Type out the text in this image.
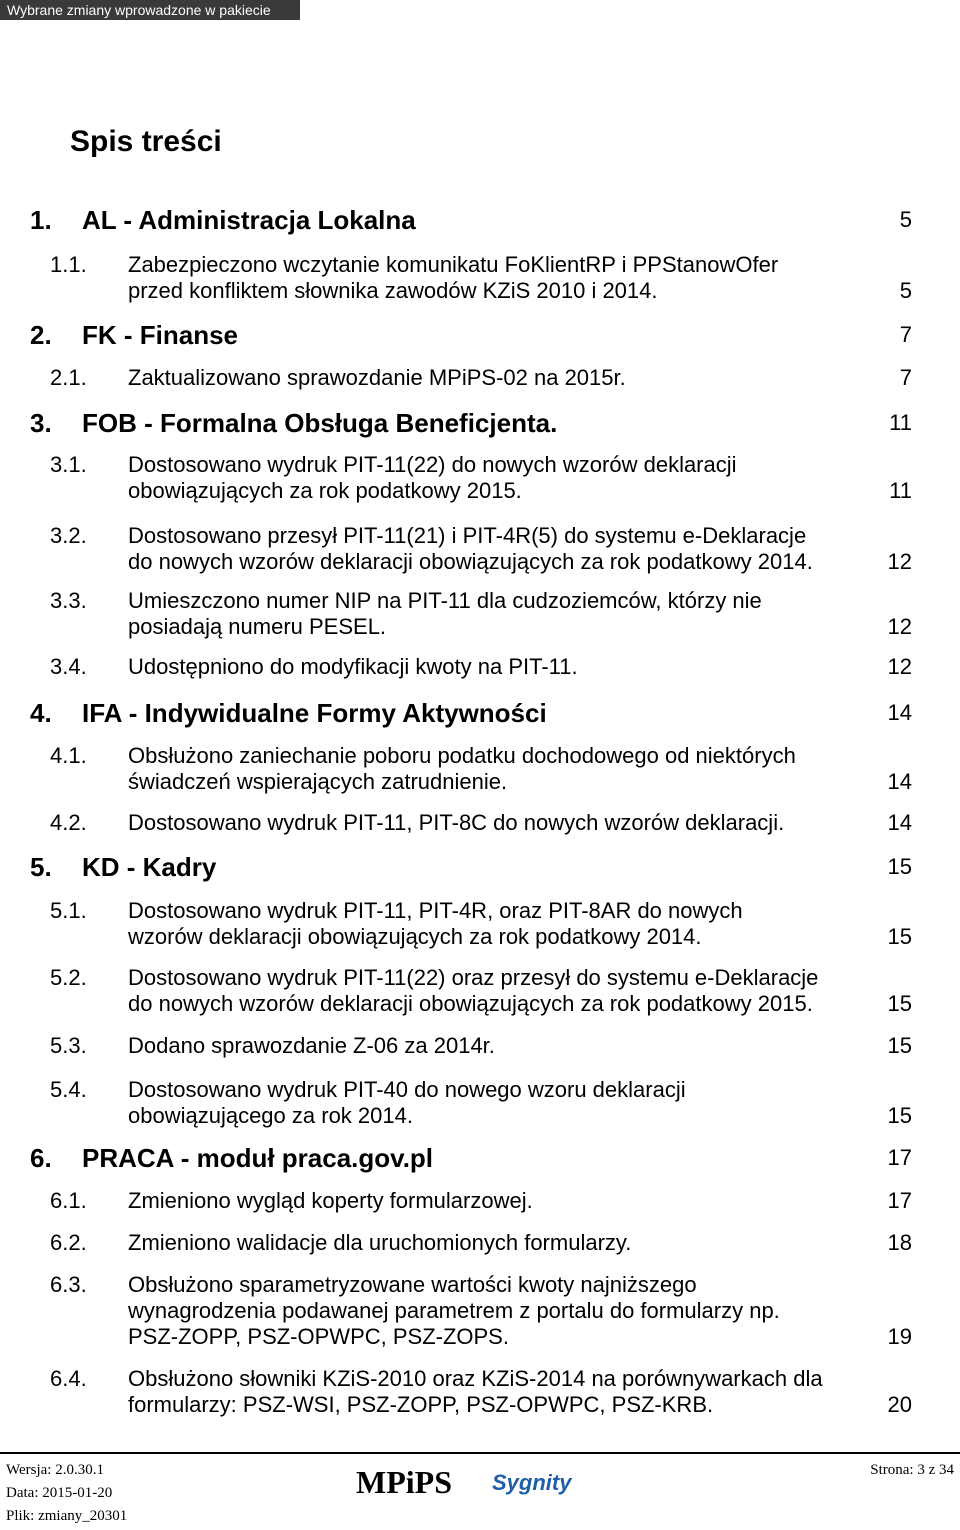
Wybrane zmiany wprowadzone w pakiecie
Spis treści
1. AL - Administracja Lokalna	5
1.1. Zabezpieczono wczytanie komunikatu FoKlientRP i PPStanowOfer
przed konfliktem słownika zawodów KZiS 2010 i 2014.	5
2. FK - Finanse	7
2.1. Zaktualizowano sprawozdanie MPiPS-02 na 2015r.	7
3. FOB - Formalna Obsługa Beneficjenta.	11
3.1. Dostosowano wydruk PIT-11(22) do nowych wzorów deklaracji
obowiązujących za rok podatkowy 2015.	11
3.2. Dostosowano przesył PIT-11(21) i PIT-4R(5) do systemu e-Deklaracje
do nowych wzorów deklaracji obowiązujących za rok podatkowy 2014.	12
3.3. Umieszczono numer NIP na PIT-11 dla cudzoziemców, którzy nie
posiadają numeru PESEL.	12
3.4. Udostępniono do modyfikacji kwoty na PIT-11.	12
4. IFA - Indywidualne Formy Aktywności	14
4.1. Obsłużono zaniechanie poboru podatku dochodowego od niektórych
świadczeń wspierających zatrudnienie.	14
4.2. Dostosowano wydruk PIT-11, PIT-8C do nowych wzorów deklaracji.	14
5. KD - Kadry	15
5.1. Dostosowano wydruk PIT-11, PIT-4R, oraz PIT-8AR do nowych
wzorów deklaracji obowiązujących za rok podatkowy 2014.	15
5.2. Dostosowano wydruk PIT-11(22) oraz przesył do systemu e-Deklaracje
do nowych wzorów deklaracji obowiązujących za rok podatkowy 2015.	15
5.3. Dodano sprawozdanie Z-06 za 2014r.	15
5.4. Dostosowano wydruk PIT-40 do nowego wzoru deklaracji
obowiązującego za rok 2014.	15
6. PRACA - moduł praca.gov.pl	17
6.1. Zmieniono wygląd koperty formularzowej.	17
6.2. Zmieniono walidacje dla uruchomionych formularzy.	18
6.3. Obsłużono sparametryzowane wartości kwoty najniższego
wynagrodzenia podawanej parametrem z portalu do formularzy np.
PSZ-ZOPP, PSZ-OPWPC, PSZ-ZOPS.	19
6.4. Obsłużono słowniki KZiS-2010 oraz KZiS-2014 na porównywarkach dla
formularzy: PSZ-WSI, PSZ-ZOPP, PSZ-OPWPC, PSZ-KRB.	20
Wersja: 2.0.30.1
Data: 2015-01-20
Plik: zmiany_20301
MPiPS Sygnity	Strona: 3 z 34
